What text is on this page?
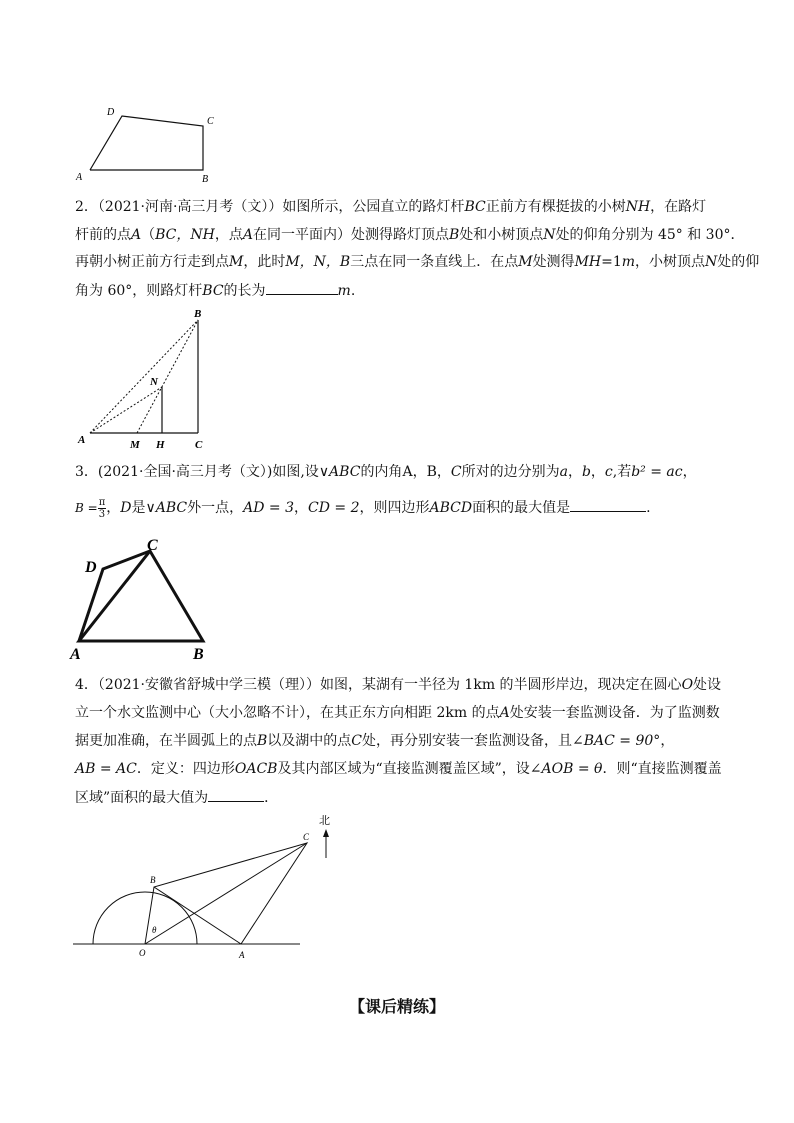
D
C
A	B
2．（2021·河南·高三月考（文））如图所示，公园直立的路灯杆BC正前方有棵挺拔的小树NH，在路灯
杆前的点A（BC，NH，点A在同一平面内）处测得路灯顶点B处和小树顶点N处的仰角分别为 45° 和 30°．
再朝小树正前方行走到点M，此时M，N，B三点在同一条直线上．在点M处测得MH=1m，小树顶点N处的仰
角为 60°，则路灯杆BC的长为	m.
B
N
A	M H	C
3．(2021·全国·高三月考（文）)如图,设∨ABC的内角A，B，C所对的边分别为a，b，c,若b² = ac，
$B = \frac{\pi}{3}$ ，D是∨ABC外一点，AD = 3，CD = 2，则四边形ABCD面积的最大值是	.
D
C
A	B
4．（2021·安徽省舒城中学三模（理））如图，某湖有一半径为 1km 的半圆形岸边，现决定在圆心O处设
立一个水文监测中心（大小忽略不计），在其正东方向相距 2km 的点A处安装一套监测设备．为了监测数
据更加准确，在半圆弧上的点B以及湖中的点C处，再分别安装一套监测设备，且∠BAC = 90°，
AB = AC．定义：四边形OACB及其内部区域为“直接监测覆盖区域”，设∠AOB = θ．则“直接监测覆盖
区域”面积的最大值为	．
北
C
B
θ
O	A
【课后精练】
